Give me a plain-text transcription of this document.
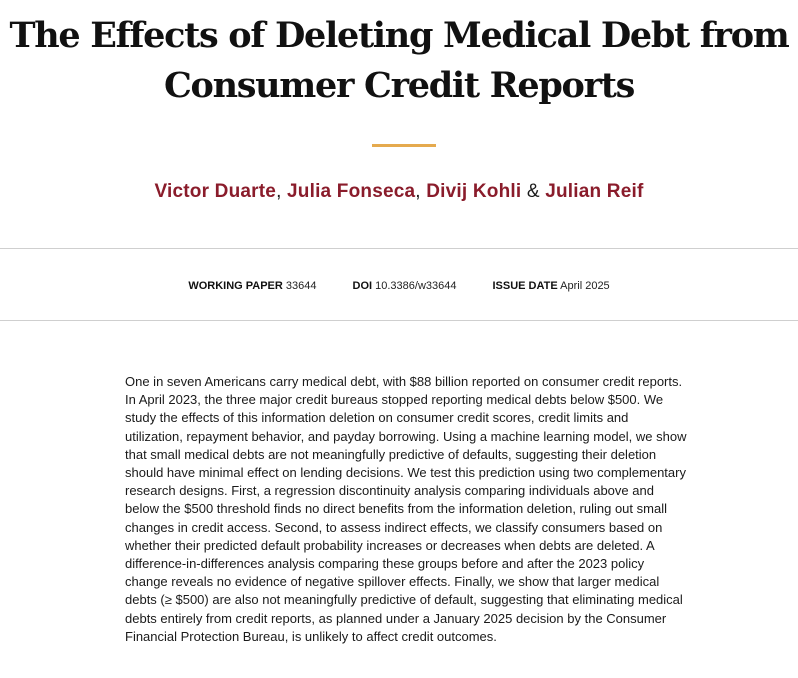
The Effects of Deleting Medical Debt from Consumer Credit Reports
Victor Duarte, Julia Fonseca, Divij Kohli & Julian Reif
WORKING PAPER 33644	DOI 10.3386/w33644	ISSUE DATE April 2025

One in seven Americans carry medical debt, with $88 billion reported on consumer credit reports. In April 2023, the three major credit bureaus stopped reporting medical debts below $500. We study the effects of this information deletion on consumer credit scores, credit limits and utilization, repayment behavior, and payday borrowing. Using a machine learning model, we show that small medical debts are not meaningfully predictive of defaults, suggesting their deletion should have minimal effect on lending decisions. We test this prediction using two complementary research designs. First, a regression discontinuity analysis comparing individuals above and below the $500 threshold finds no direct benefits from the information deletion, ruling out small changes in credit access. Second, to assess indirect effects, we classify consumers based on whether their predicted default probability increases or decreases when debts are deleted. A difference-in-differences analysis comparing these groups before and after the 2023 policy change reveals no evidence of negative spillover effects. Finally, we show that larger medical debts (≥ $500) are also not meaningfully predictive of default, suggesting that eliminating medical debts entirely from credit reports, as planned under a January 2025 decision by the Consumer Financial Protection Bureau, is unlikely to affect credit outcomes.
